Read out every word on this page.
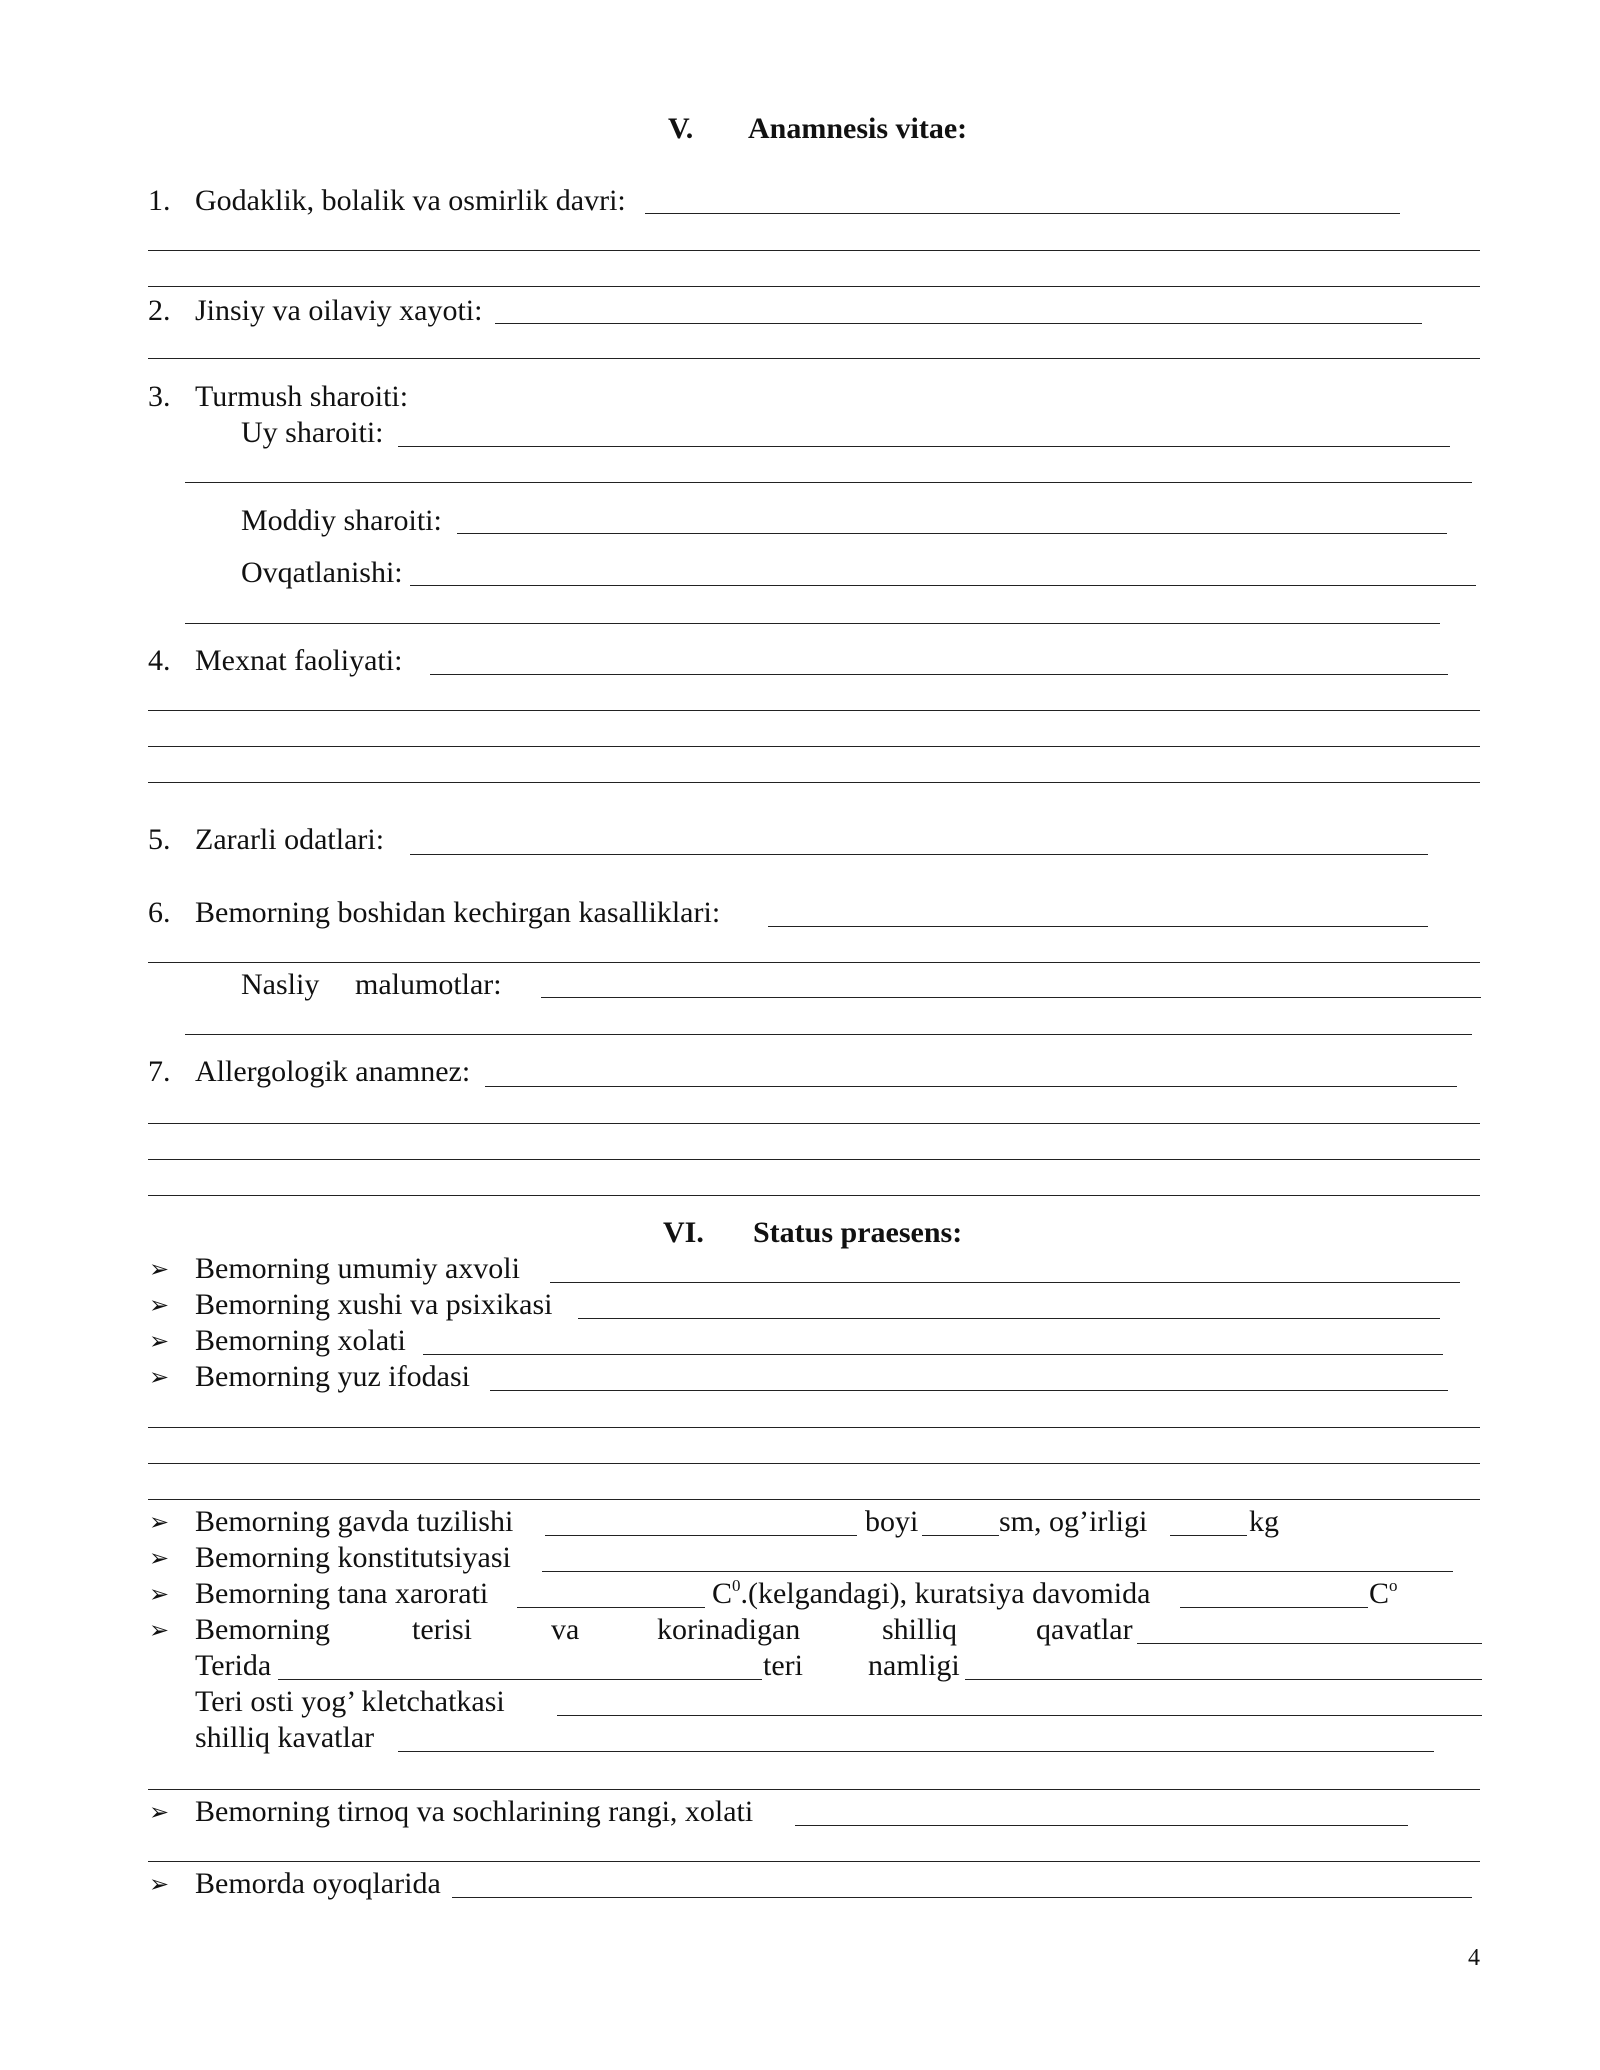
V. Anamnesis vitae:
1. Godaklik, bolalik va osmirlik davri:
2. Jinsiy va oilaviy xayoti:
3. Turmush sharoiti:
Uy sharoiti:
Moddiy sharoiti:
Ovqatlanishi:
4. Mexnat faoliyati:
5. Zararli odatlari:
6. Bemorning boshidan kechirgan kasalliklari:
Nasliy malumotlar:
7. Allergologik anamnez:
VI. Status praesens:
➢ Bemorning umumiy axvoli
➢ Bemorning xushi va psixikasi
➢ Bemorning xolati
➢ Bemorning yuz ifodasi
➢ Bemorning gavda tuzilishi	boyi	sm, og’irligi	kg
➢ Bemorning konstitutsiyasi
➢ Bemorning tana xarorati	$C^0.(kelgandagi)$, kuratsiya davomida	$C^o$
➢ Bemorning	terisi	va	korinadigan	shilliq	qavatlar
Terida	teri namligi
Teri osti yog’ kletchatkasi
shilliq kavatlar
➢ Bemorning tirnoq va sochlarining rangi, xolati
➢ Bemorda oyoqlarida
4
